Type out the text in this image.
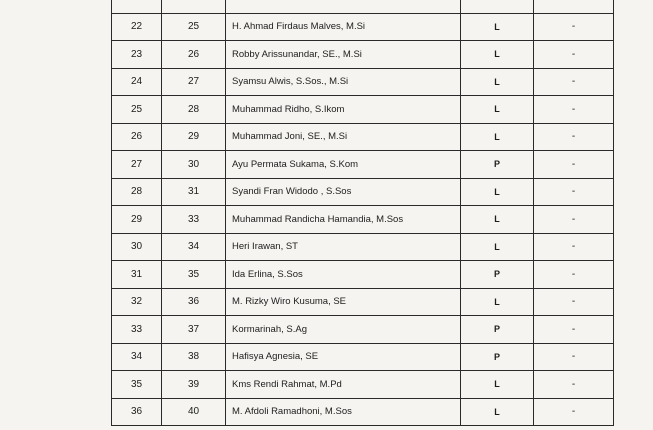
22	25	H. Ahmad Firdaus Malves, M.Si	L	-
23	26	Robby Arissunandar, SE., M.Si	L	-
24	27	Syamsu Alwis, S.Sos., M.Si	L	-
25	28	Muhammad Ridho, S.Ikom	L	-
26	29	Muhammad Joni, SE., M.Si	L	-
27	30	Ayu Permata Sukama, S.Kom	P	-
28	31	Syandi Fran Widodo , S.Sos	L	-
29	33	Muhammad Randicha Hamandia, M.Sos	L	-
30	34	Heri Irawan, ST	L	-
31	35	Ida Erlina, S.Sos	P	-
32	36	M. Rizky Wiro Kusuma, SE	L	-
33	37	Kormarinah, S.Ag	P	-
34	38	Hafisya Agnesia, SE	P	-
35	39	Kms Rendi Rahmat, M.Pd	L	-
36	40	M. Afdoli Ramadhoni, M.Sos	L	-
